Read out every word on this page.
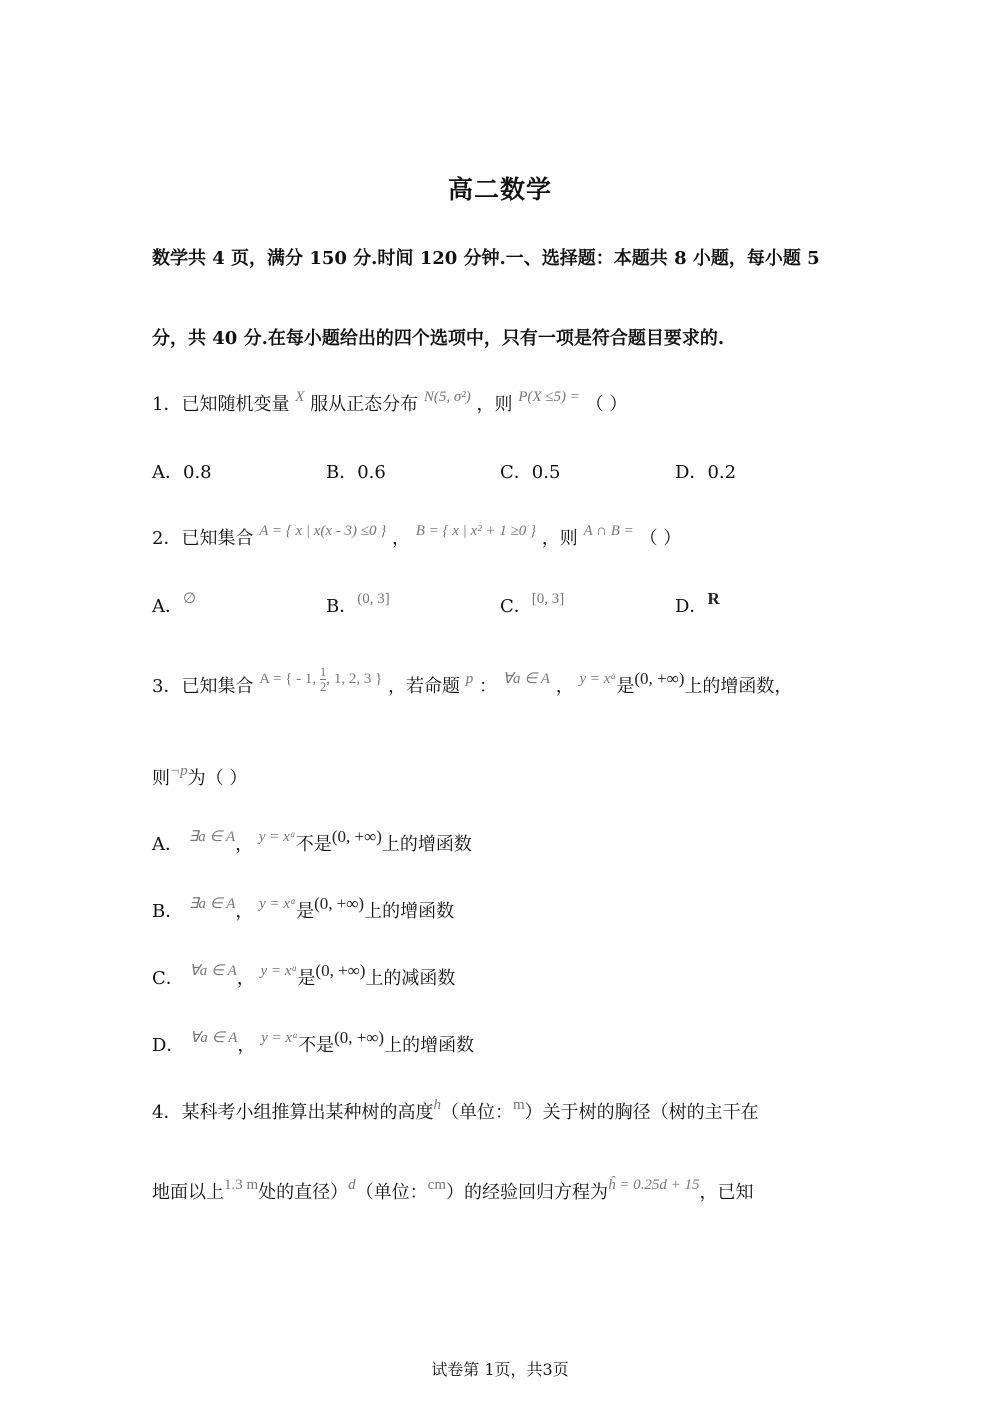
高二数学
数学共 4 页，满分 150 分.时间 120 分钟.一、选择题：本题共 8 小题，每小题 5
分，共 40 分.在每小题给出的四个选项中，只有一项是符合题目要求的.
1．已知随机变量 $^X$ 服从正态分布 $^{N(5, \sigma^2)}$ ，则 $^{P(X \le 5) =}$ （ ）
A．0.8	B．0.6	C．0.5	D．0.2
2．已知集合 $^{A = \{ x | x(x - 3) \le 0 \}}$ ， $^{B = \{ x | x^2 + 1 \ge 0 \}}$ ，则 $^{A \cap B =}$ （ ）
A．∅	B．$^{(0, 3]}$	C．[0, 3]	D．R
3．已知集合 $^{A = \{ - 1, \frac{1}{2} , 1, 2, 3 \}}$ ，若命题 $^p$ ： $^{\forall a \in A}$ ， $^{y = xᵃ}$是(0, +∞)上的增函数，
则$^{\neg p}$为（ ）
A． $^{\exists a \in A}$， $^{y = xᵃ}$不是(0, +∞)上的增函数
B． $^{\exists a \in A}$， $^{y = xᵃ}$是(0, +∞)上的增函数
C． $^{\forall a \in A}$， $^{y = xᵃ}$是(0, +∞)上的减函数
D． $^{\forall a \in A}$， $^{y = xᵃ}$不是(0, +∞)上的增函数
4．某科考小组推算出某种树的高度$^h$（单位：$^m$）关于树的胸径（树的主干在
地面以上$^{1.3 m}$处的直径）$^d$（单位：$^{cm}$）的经验回归方程为$^{ĥ = 0.25d + 15}$，已知
试卷第 1页，共3页
